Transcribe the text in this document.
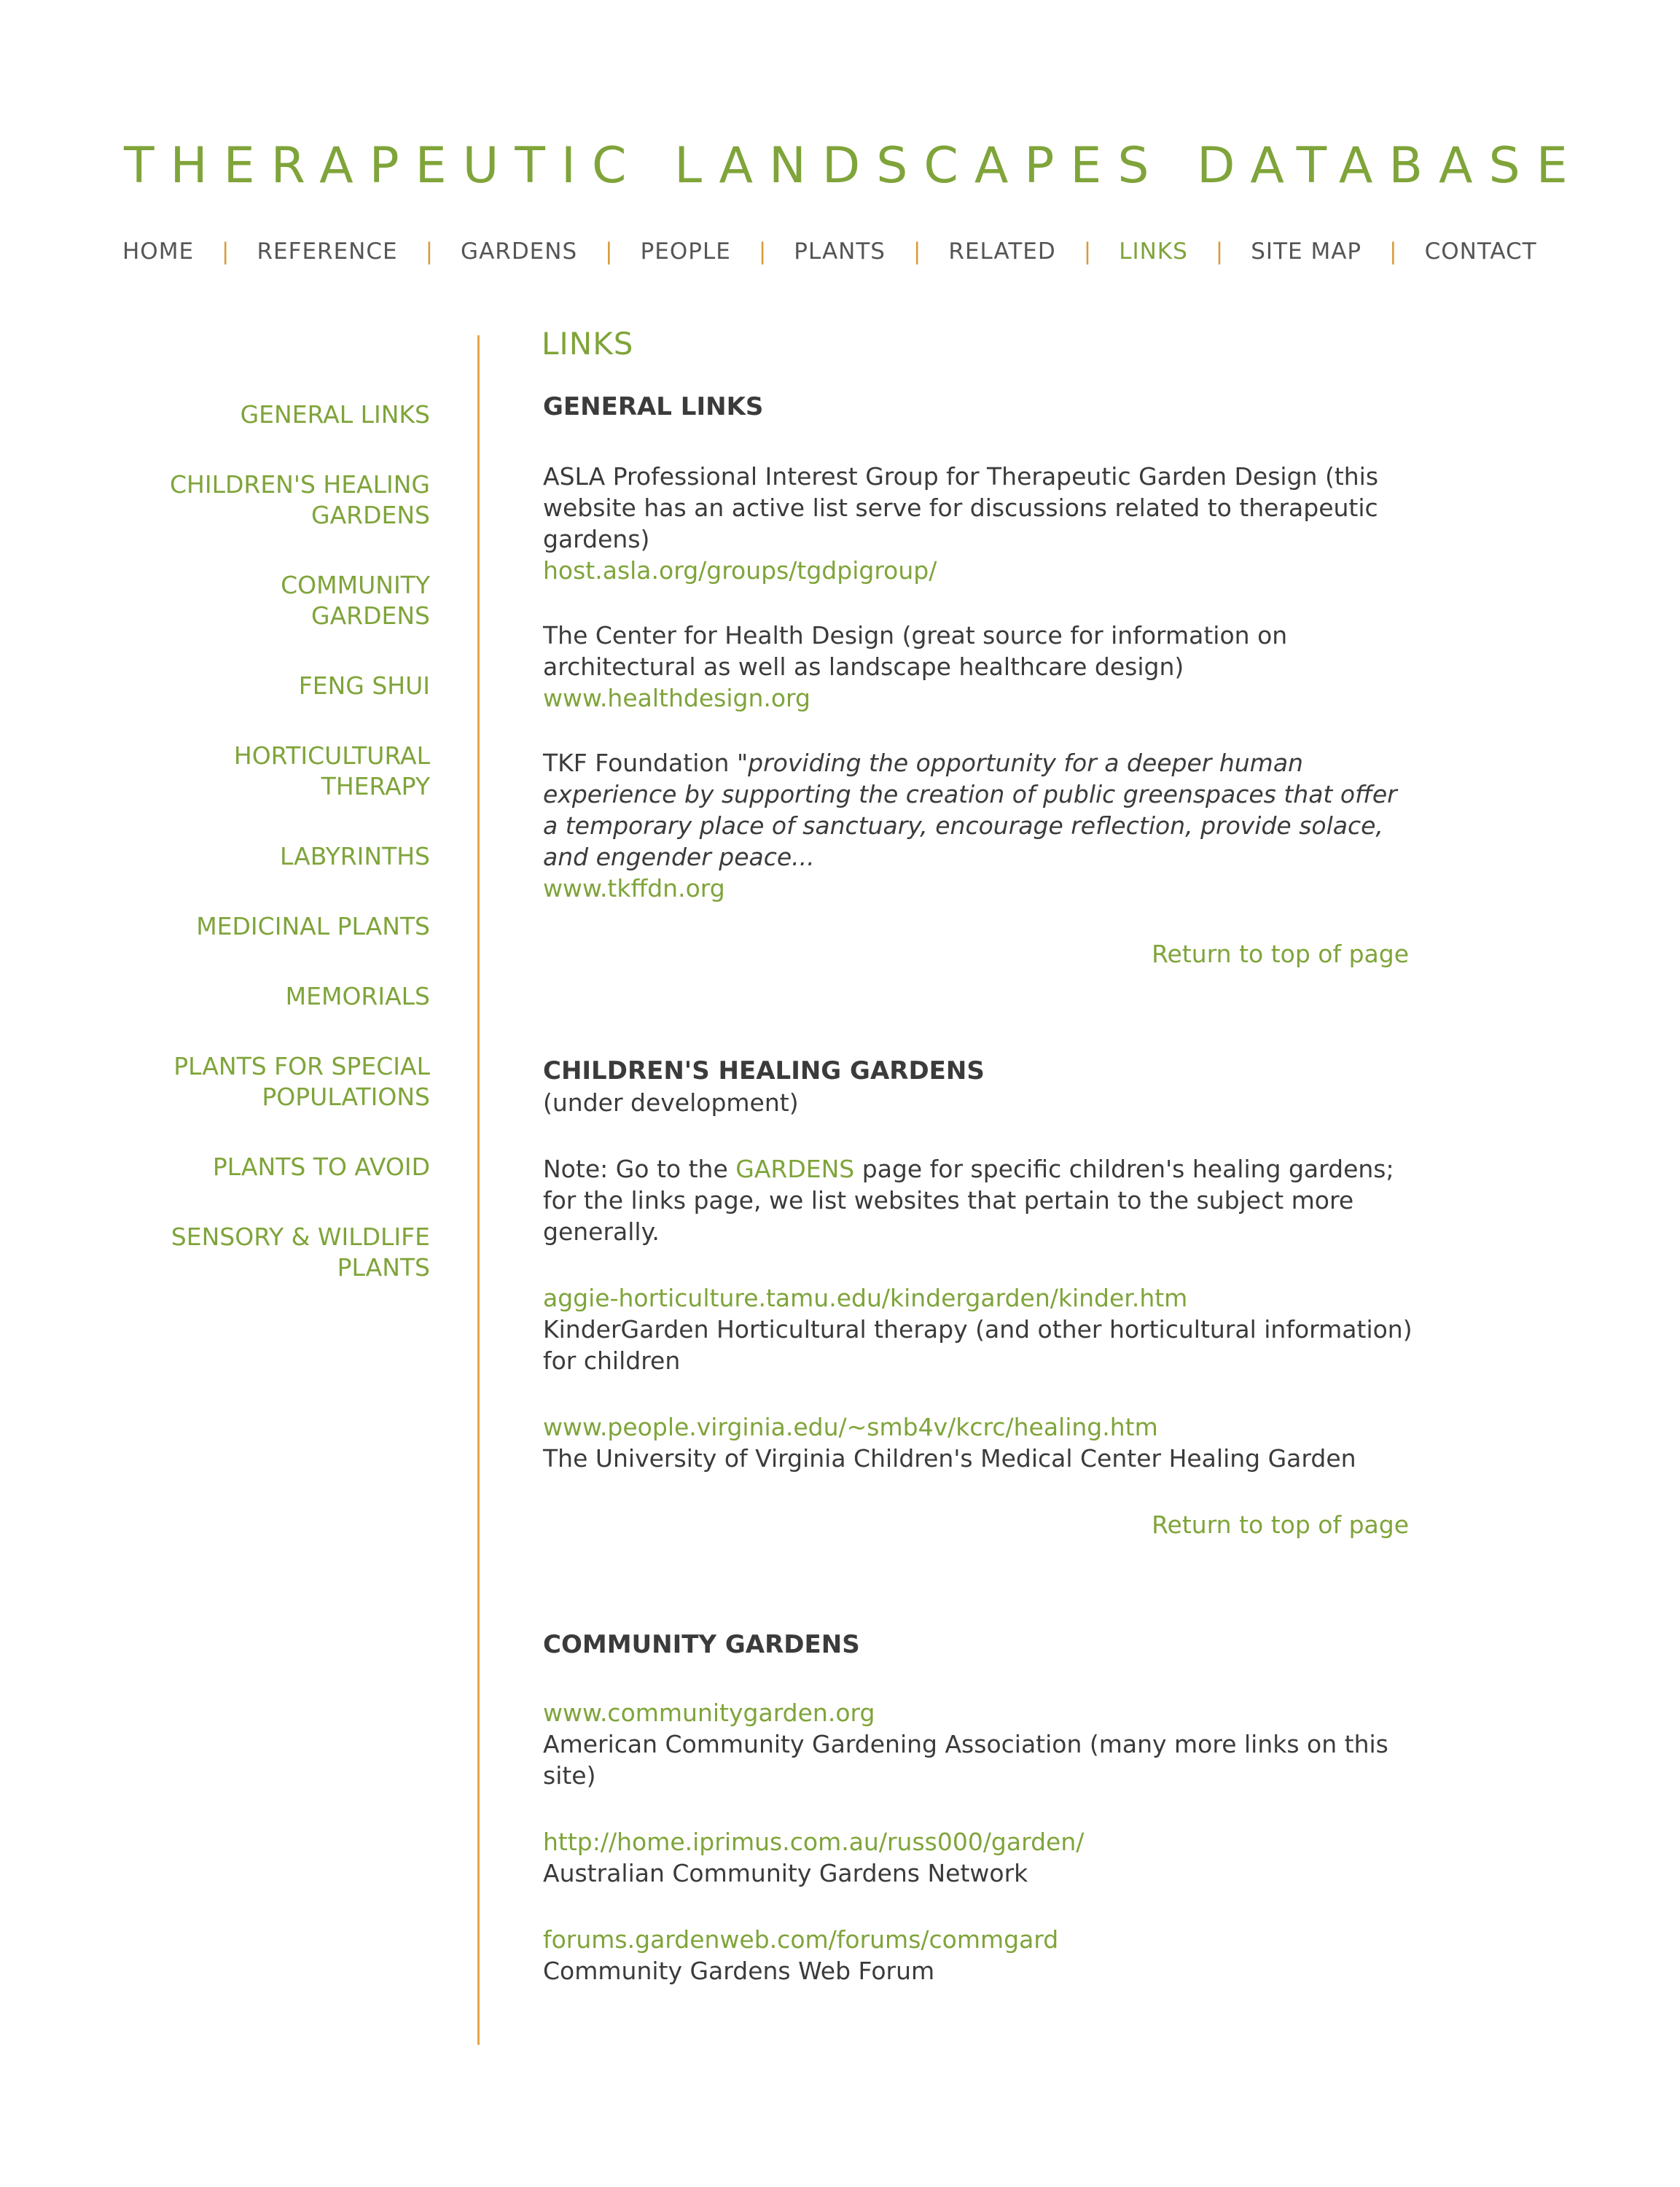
THERAPEUTIC LANDSCAPES DATABASE
HOME | REFERENCE | GARDENS | PEOPLE | PLANTS | RELATED | LINKS | SITE MAP | CONTACT
GENERAL LINKS
CHILDREN'S HEALING
GARDENS
COMMUNITY
GARDENS
FENG SHUI
HORTICULTURAL
THERAPY
LABYRINTHS
MEDICINAL PLANTS
MEMORIALS
PLANTS FOR SPECIAL
POPULATIONS
PLANTS TO AVOID
SENSORY & WILDLIFE
PLANTS
LINKS
GENERAL LINKS

ASLA Professional Interest Group for Therapeutic Garden Design (this website has an active list serve for discussions related to therapeutic gardens)

host.asla.org/groups/tgdpigroup/

The Center for Health Design (great source for information on architectural as well as landscape healthcare design)

www.healthdesign.org

TKF Foundation "providing the opportunity for a deeper human experience by supporting the creation of public greenspaces that offer a temporary place of sanctuary, encourage reflection, provide solace, and engender peace...

www.tkffdn.org

Return to top of page

CHILDREN'S HEALING GARDENS

(under development)

Note: Go to the GARDENS page for specific children's healing gardens; for the links page, we list websites that pertain to the subject more generally.

aggie-horticulture.tamu.edu/kindergarden/kinder.htm

KinderGarden Horticultural therapy (and other horticultural information) for children

www.people.virginia.edu/~smb4v/kcrc/healing.htm

The University of Virginia Children's Medical Center Healing Garden

Return to top of page

COMMUNITY GARDENS

www.communitygarden.org

American Community Gardening Association (many more links on this site)

http://home.iprimus.com.au/russ000/garden/

Australian Community Gardens Network

forums.gardenweb.com/forums/commgard

Community Gardens Web Forum
